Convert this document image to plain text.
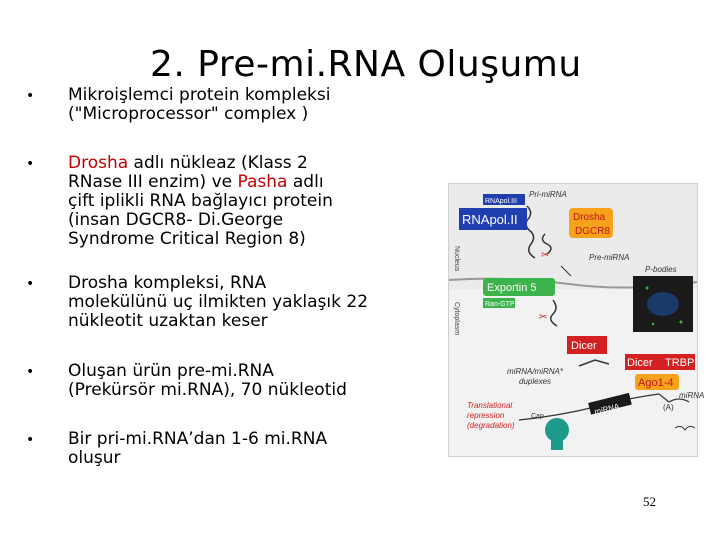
2. Pre-mi.RNA Oluşumu
• Mikroişlemci protein kompleksi
("Microprocessor" complex )
• Drosha adlı nükleaz (Klass 2
RNase III enzim) ve Pasha adlı
çift iplikli RNA bağlayıcı protein
(insan DGCR8- Di.George
Syndrome Critical Region 8)
• Drosha kompleksi, RNA
molekülünü uç ilmikten yaklaşık 22
nükleotit uzaktan keser
• Oluşan ürün pre-mi.RNA
(Prekürsör mi.RNA), 70 nükleotid
• Bir pri-mi.RNA’dan 1-6 mi.RNA
oluşur
Nucleus
Cytoplasm
RNApol.III
Pri-miRNA
RNApol.II	Drosha
DGCR8
✂	Pre-miRNA
P-bodies
Exportin 5
Ran-GTP
✂
Dicer
Dicer TRBP
Ago1-4
miRNA
miRNA/miRNA*
duplexes
miRNA	(A)
Cap
Translational
repression
(degradation)
52
